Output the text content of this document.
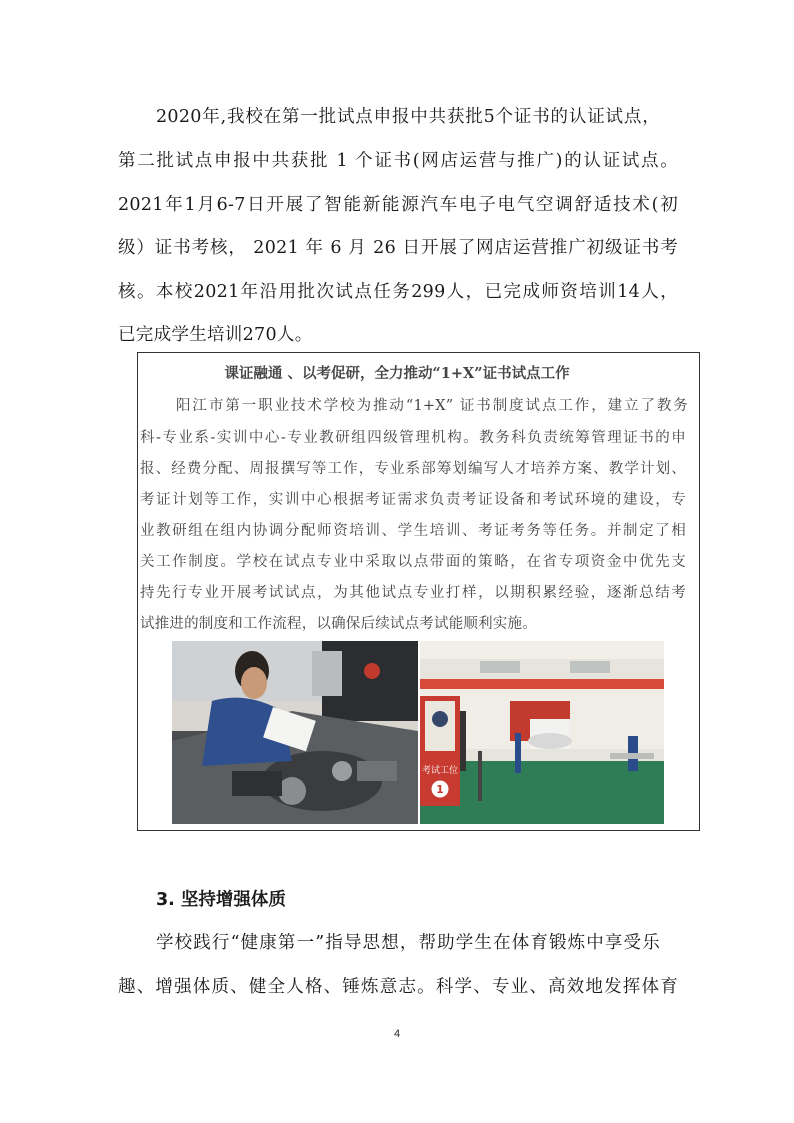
2020年,我校在第一批试点申报中共获批5个证书的认证试点，
第二批试点申报中共获批 1 个证书(网店运营与推广)的认证试点。
2021年1月6-7日开展了智能新能源汽车电子电气空调舒适技术(初
级）证书考核， 2021 年 6 月 26 日开展了网店运营推广初级证书考
核。本校2021年沿用批次试点任务299人，已完成师资培训14人，
已完成学生培训270人。
课证融通 、以考促研，全力推动“1+X”证书试点工作
阳江市第一职业技术学校为推动“1+X” 证书制度试点工作，建立了教务
科-专业系-实训中心-专业教研组四级管理机构。教务科负责统筹管理证书的申
报、经费分配、周报撰写等工作，专业系部筹划编写人才培养方案、教学计划、
考证计划等工作，实训中心根据考证需求负责考证设备和考试环境的建设，专
业教研组在组内协调分配师资培训、学生培训、考证考务等任务。并制定了相
关工作制度。学校在试点专业中采取以点带面的策略，在省专项资金中优先支
持先行专业开展考试试点，为其他试点专业打样，以期积累经验，逐渐总结考
试推进的制度和工作流程，以确保后续试点考试能顺利实施。
考试工位
1
3. 坚持增强体质
学校践行“健康第一”指导思想，帮助学生在体育锻炼中享受乐
趣、增强体质、健全人格、锤炼意志。科学、专业、高效地发挥体育
4
